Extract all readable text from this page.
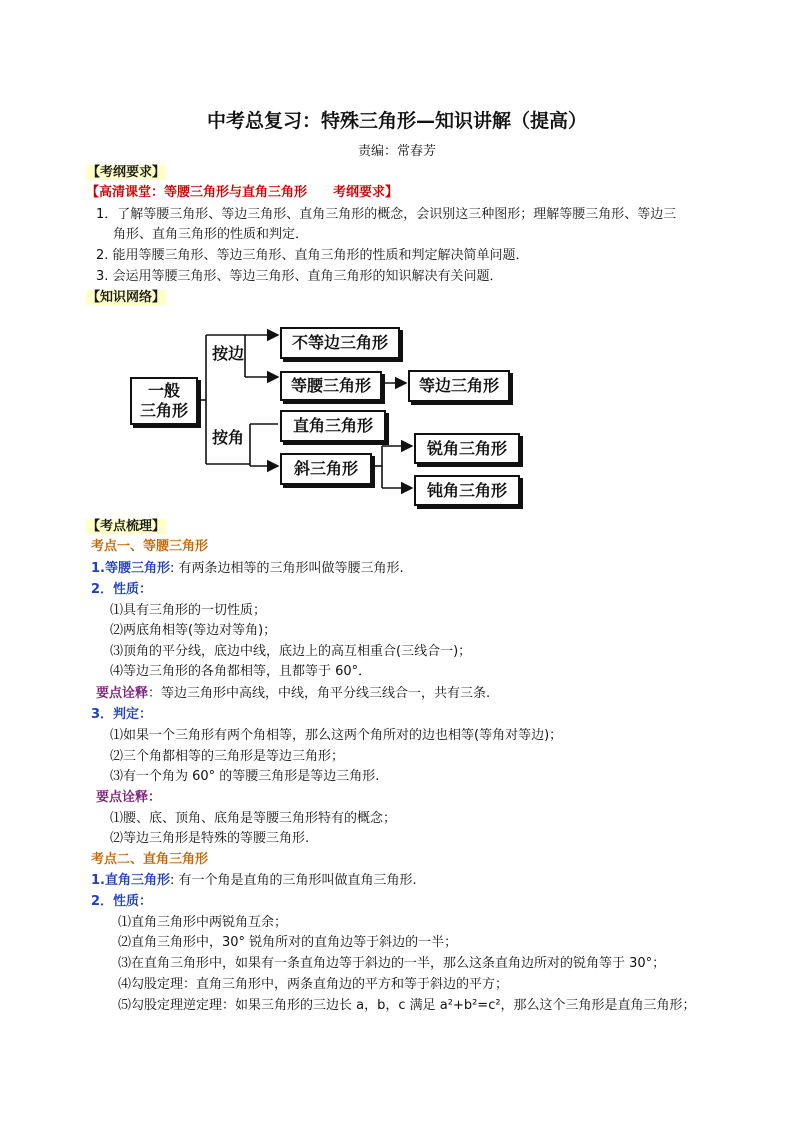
中考总复习：特殊三角形—知识讲解（提高）
责编：常春芳
【考纲要求】
【高清课堂：等腰三角形与直角三角形　　考纲要求】
1．了解等腰三角形、等边三角形、直角三角形的概念，会识别这三种图形；理解等腰三角形、等边三
角形、直角三角形的性质和判定．
2. 能用等腰三角形、等边三角形、直角三角形的性质和判定解决简单问题．
3. 会运用等腰三角形、等边三角形、直角三角形的知识解决有关问题．
【知识网络】
一般
三角形
按边
按角
不等边三角形
等腰三角形	等边三角形
直角三角形
斜三角形
锐角三角形
钝角三角形
【考点梳理】
考点一、等腰三角形
1.等腰三角形: 有两条边相等的三角形叫做等腰三角形.
2．性质：
⑴具有三角形的一切性质；
⑵两底角相等(等边对等角)；
⑶顶角的平分线，底边中线，底边上的高互相重合(三线合一)；
⑷等边三角形的各角都相等，且都等于 60°．
要点诠释：等边三角形中高线，中线，角平分线三线合一，共有三条.
3．判定：
⑴如果一个三角形有两个角相等，那么这两个角所对的边也相等(等角对等边)；
⑵三个角都相等的三角形是等边三角形；
⑶有一个角为 60° 的等腰三角形是等边三角形.
要点诠释：
⑴腰、底、顶角、底角是等腰三角形特有的概念；
⑵等边三角形是特殊的等腰三角形.
考点二、直角三角形
1.直角三角形: 有一个角是直角的三角形叫做直角三角形.
2．性质：
⑴直角三角形中两锐角互余；
⑵直角三角形中，30° 锐角所对的直角边等于斜边的一半；
⑶在直角三角形中，如果有一条直角边等于斜边的一半，那么这条直角边所对的锐角等于 30°；
⑷勾股定理：直角三角形中，两条直角边的平方和等于斜边的平方；
⑸勾股定理逆定理：如果三角形的三边长 a，b，c 满足 a²+b²=c²，那么这个三角形是直角三角形；
